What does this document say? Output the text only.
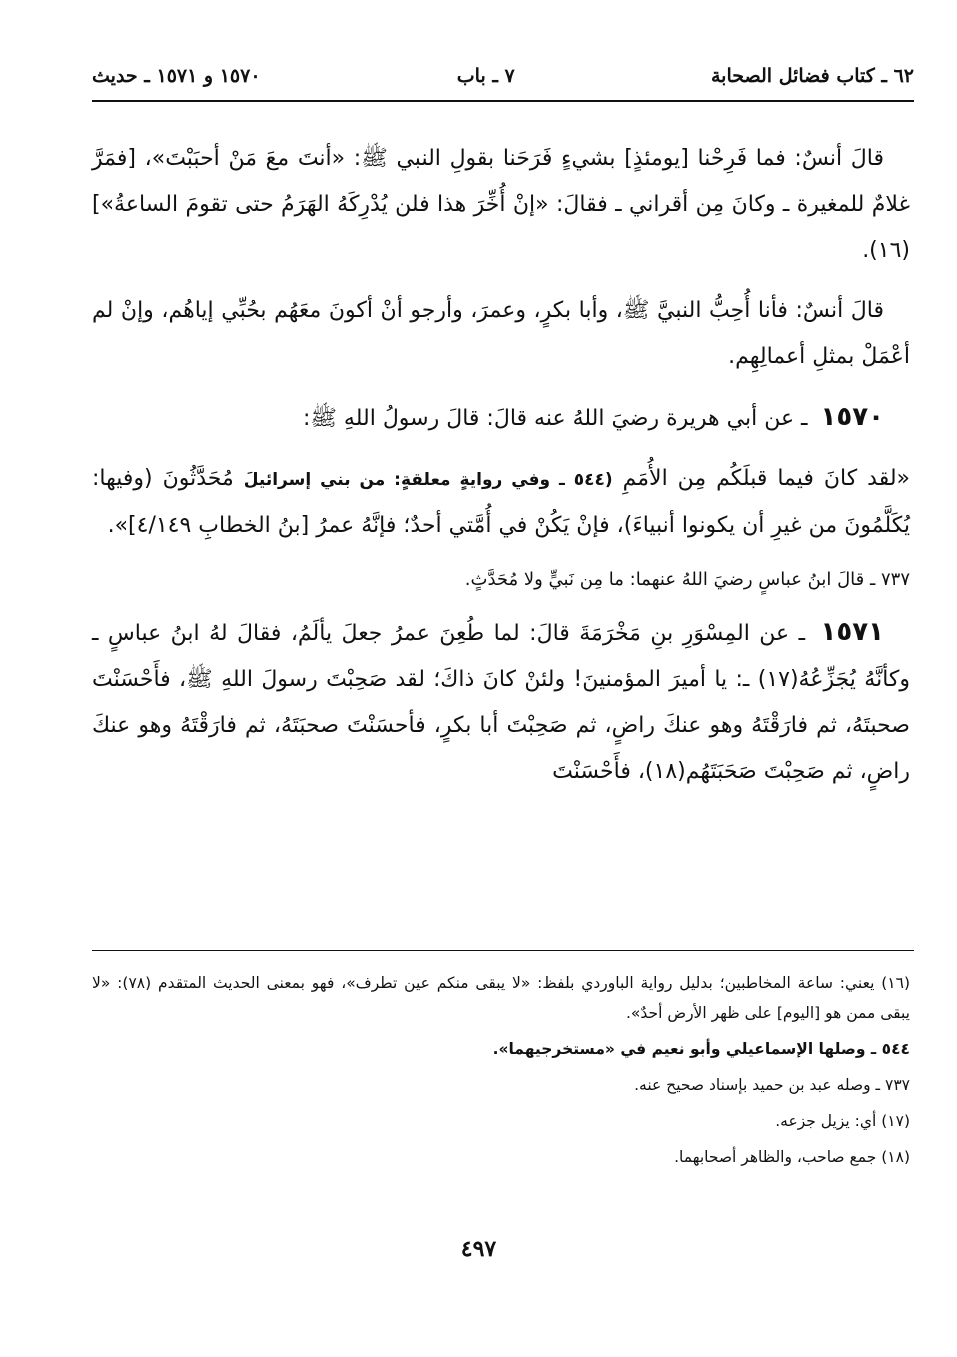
٦٢ ـ كتاب فضائل الصحابة
٧ ـ باب
١٥٧٠ و ١٥٧١ ـ حديث

قالَ أنسٌ: فما فَرِحْنا [يومئذٍ] بشيءٍ فَرَحَنا بقولِ النبي ﷺ: «أنتَ معَ مَنْ أحبَبْتَ»، [فمَرَّ غلامٌ للمغيرة ـ وكانَ مِن أقراني ـ فقالَ: «إنْ أُخِّرَ هذا فلن يُدْرِكَهُ الهَرَمُ حتى تقومَ الساعةُ»](١٦).

قالَ أنسٌ: فأنا أُحِبُّ النبيَّ ﷺ، وأبا بكرٍ، وعمرَ، وأرجو أنْ أكونَ معَهُم بحُبِّي إياهُم، وإنْ لم أعْمَلْ بمثلِ أعمالِهِم.

١٥٧٠ ـ عن أبي هريرة رضيَ اللهُ عنه قالَ: قالَ رسولُ اللهِ ﷺ:

«لقد كانَ فيما قبلَكُم مِن الأُمَمِ (٥٤٤ ـ وفي روايةٍ معلقةٍ: من بني إسرائيلَ مُحَدَّثُونَ (وفيها: يُكَلَّمُونَ من غيرِ أن يكونوا أنبياءَ)، فإنْ يَكُنْ في أُمَّتي أحدٌ؛ فإنَّهُ عمرُ [بنُ الخطابِ ٤/١٤٩]».

٧٣٧ ـ قالَ ابنُ عباسٍ رضيَ اللهُ عنهما: ما مِن نَبيٍّ ولا مُحَدَّثٍ.

١٥٧١ ـ عن المِسْوَرِ بنِ مَخْرَمَةَ قالَ: لما طُعِنَ عمرُ جعلَ يألَمُ، فقالَ لهُ ابنُ عباسٍ ـ وكأنَّهُ يُجَزِّعُهُ(١٧) ـ: يا أميرَ المؤمنينَ! ولئنْ كانَ ذاكَ؛ لقد صَحِبْتَ رسولَ اللهِ ﷺ، فأَحْسَنْتَ صحبتَهُ، ثم فارَقْتَهُ وهو عنكَ راضٍ، ثم صَحِبْتَ أبا بكرٍ، فأحسَنْتَ صحبَتَهُ، ثم فارَقْتَهُ وهو عنكَ راضٍ، ثم صَحِبْتَ صَحَبَتَهُم(١٨)، فأَحْسَنْتَ

(١٦) يعني: ساعة المخاطبين؛ بدليل رواية الباوردي بلفظ: «لا يبقى منكم عين تطرف»، فهو بمعنى الحديث المتقدم (٧٨): «لا يبقى ممن هو [اليوم] على ظهر الأرض أحدٌ».

٥٤٤ ـ وصلها الإسماعيلي وأبو نعيم في «مستخرجيهما».

٧٣٧ ـ وصله عبد بن حميد بإسناد صحيح عنه.

(١٧) أي: يزيل جزعه.

(١٨) جمع صاحب، والظاهر أصحابهما.

٤٩٧
